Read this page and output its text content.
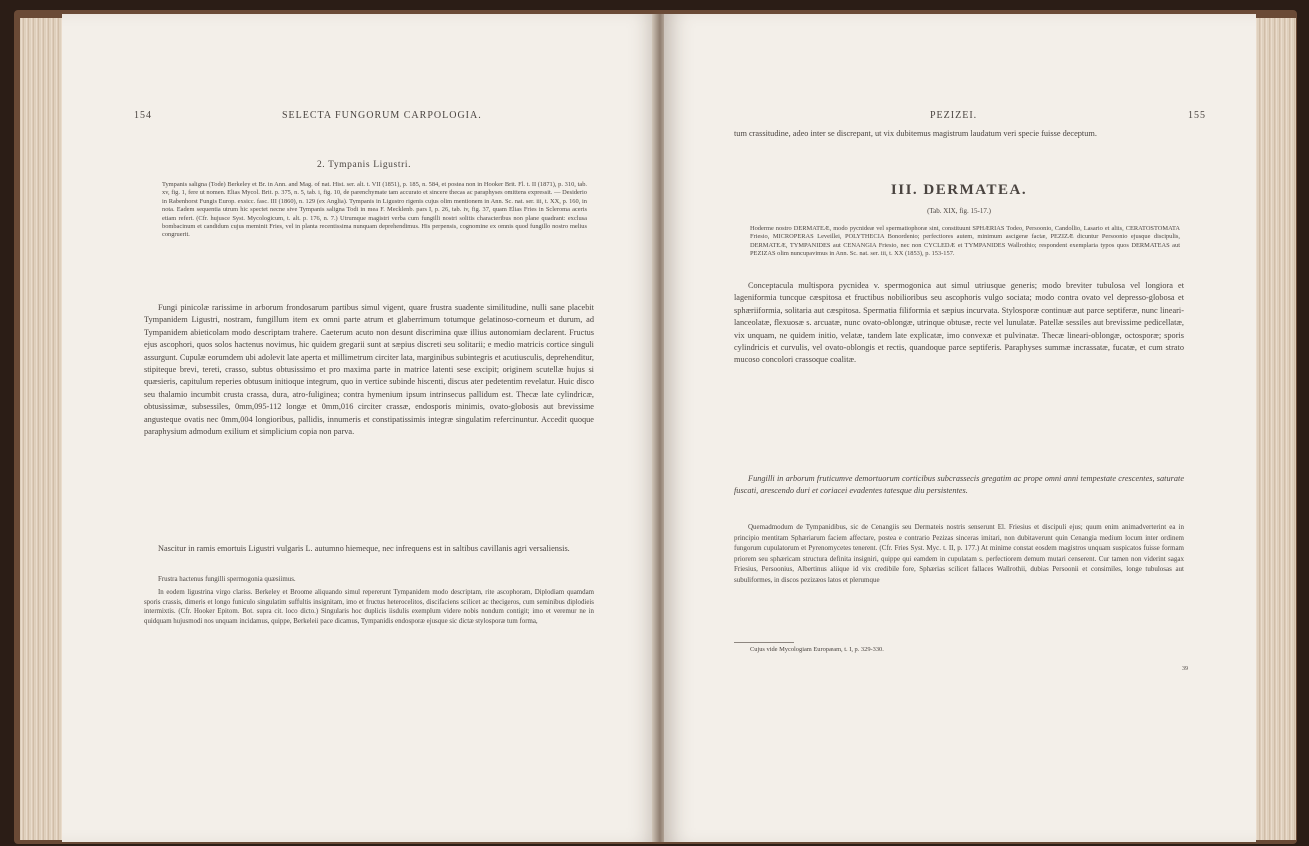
154	SELECTA FUNGORUM CARPOLOGIA.
2. Tympanis Ligustri.
Tympanis saligna (Tode) Berkeley et Br. in Ann. and Mag. of nat. Hist. ser. alt. t. VII (1851), p. 185, n. 584, et postea non in Hooker Brit. Fl. t. II (1871), p. 310, tab. xv, fig. 1, fere ut nomen. Elias Mycol. Brit. p. 375, n. 5, tab. i, fig. 10, de parenchymate tam accurato et sincere thecas ac paraphyses omittens expressit. — Desiderio in Rabenhorst Fungis Europ. exsicc. fasc. III (1860), n. 129 (ex Anglia). Tympanis in Ligustro rigenis cujus olim mentionem in Ann. Sc. nat. ser. iii, t. XX, p. 160, in nota. Eadem sequentia utrum hic spectet necne sive Tympanis saligna Todi in mea F. Mecklenb. pars I, p. 26, tab. iv, fig. 37, quam Elias Fries in Scleroma aceris etiam refert. (Cfr. hujusce Syst. Mycologicum, t. alt. p. 176, n. 7.) Utrumque magistri verba cum fungilli nostri solitis characteribus non plane quadrant: exclusa bombacinum et candidum cujus meminit Fries, vel in planta recentissima nunquam deprehendimus. His perpensis, cognomine ex omnis quod fungillo nostro melius congruerit.
Fungi pinicolæ rarissime in arborum frondosarum partibus simul vigent, quare frustra suadente similitudine, nulli sane placebit Tympanidem Ligustri, nostram, fungillum item ex omni parte atrum et glaberrimum totumque gelatinoso-corneum et durum, ad Tympanidem abieticolam modo descriptam trahere. Caeterum acuto non desunt discrimina quæ illius autonomiam declarent. Fructus ejus ascophori, quos solos hactenus novimus, hic quidem gregarii sunt at sæpius discreti seu solitarii; e medio matricis cortice singuli assurgunt. Cupulæ eorumdem ubi adolevit late aperta et millimetrum circiter lata, marginibus subintegris et acutiusculis, deprehenditur, stipiteque brevi, tereti, crasso, subtus obtusissimo et pro maxima parte in matrice latenti sese excipit; originem scutellæ hujus si quæsieris, capitulum reperies obtusum initioque integrum, quo in vertice subinde hiscenti, discus ater pedetentim revelatur. Huic disco seu thalamio incumbit crusta crassa, dura, atro-fuliginea; contra hymenium ipsum intrinsecus pallidum est. Thecæ late cylindricæ, obtusissimæ, subsessiles, 0mm,095-112 longæ et 0mm,016 circiter crassæ, endosporis minimis, ovato-globosis aut brevissime angusteque ovatis nec 0mm,004 longioribus, pallidis, innumeris et constipatissimis integræ singulatim refercinuntur. Accedit quoque paraphysium admodum exilium et simplicium copia non parva.
Nascitur in ramis emortuis Ligustri vulgaris L. autumno hiemeque, nec infrequens est in saltibus cavillanis agri versaliensis.
Frustra hactenus fungilli spermogonia quæsiimus.
In eodem ligustrina virgo clariss. Berkeley et Broome aliquando simul repererunt Tympanidem modo descriptam, rite ascophoram, Diplodiam quamdam sporis crassis, dimeris et longo funiculo singulatim suffultis insignitam, imo et fructus heterocelitos, discifaciens scilicet ac thecigeros, cum seminibus diplodieis intermixtis. (Cfr. Hooker Epitom. Bot. supra cit. loco dicto.) Singularis hoc duplicis iisdulis exemplum videre nobis nondum contigit; imo et veremur ne in quidquam hujusmodi nos unquam incidamus, quippe, Berkeleii pace dicamus, Tympanidis endosporæ ejusque sic dictæ stylosporæ tum forma,
PEZIZEI.	155
tum crassitudine, adeo inter se discrepant, ut vix dubitemus magistrum laudatum veri specie fuisse deceptum.
III. DERMATEA.
(Tab. XIX, fig. 15-17.)
Hoderme nostro DERMATEÆ, modo pycnideæ vel spermatiophoræ sint, constituunt SPHÆRIAS Todeo, Persoonio, Candollio, Lasario et aliis, CERATOSTOMATA Friesio, MICROPERAS Leveillei, POLYTHECIA Bonordenio; perfectiores autem, minimum ascigeræ factæ, PEZIZÆ dicuntur Persoonio ejusque discipulis, DERMATEÆ, TYMPANIDES aut CENANGIA Friesio, nec non CYCLEDÆ et TYMPANIDES Wallrothio; respondent exemplaria typos quos DERMATEAS aut PEZIZAS olim nuncupavimus in Ann. Sc. nat. ser. iii, t. XX (1853), p. 153-157.
Conceptacula multispora pycnidea v. spermogonica aut simul utriusque generis; modo breviter tubulosa vel longiora et lageniformia tuncque cæspitosa et fructibus nobilioribus seu ascophoris vulgo sociata; modo contra ovato vel depresso-globosa et sphæriiformia, solitaria aut cæspitosa. Spermatia filiformia et sæpius incurvata. Stylosporæ continuæ aut parce septiferæ, nunc lineari-lanceolatæ, flexuosæ s. arcuatæ, nunc ovato-oblongæ, utrinque obtusæ, recte vel lunulatæ. Patellæ sessiles aut brevissime pedicellatæ, vix unquam, ne quidem initio, velatæ, tandem late explicatæ, imo convexæ et pulvinatæ. Thecæ lineari-oblongæ, octosporæ; sporis cylindricis et curvulis, vel ovato-oblongis et rectis, quandoque parce septiferis. Paraphyses summæ incrassatæ, fucatæ, et cum strato mucoso concolori crassoque coalitæ.
Fungilli in arborum fruticumve demortuorum corticibus subcrassecis gregatim ac prope omni anni tempestate crescentes, saturate fuscati, arescendo duri et coriacei evadentes tatesque diu persistentes.
Quemadmodum de Tympanidibus, sic de Cenangiis seu Dermateis nostris senserunt El. Friesius et discipuli ejus; quum enim animadverterint ea in principio mentitam Sphæriarum faciem affectare, postea e contrario Pezizas sinceras imitari, non dubitaverunt quin Cenangia medium locum inter ordinem fungorum cupulatorum et Pyrenomycetes tenerent. (Cfr. Fries Syst. Myc. t. II, p. 177.) At minime constat eosdem magistros unquam suspicatos fuisse formam priorem seu sphæricam structura definita insigniri, quippe qui eamdem in cupulatam s. perfectiorem demum mutari censerent. Cur tamen non viderint sagax Friesius, Persoonius, Albertinus aliique id vix credibile fore, Sphærias scilicet fallaces Wallrothii, dubias Persoonii et consimiles, longe tubulosas aut subuliformes, in discos pezizæos latos et plerumque
Cujus vide Mycologiam Europæam, t. I, p. 329-330.
39
